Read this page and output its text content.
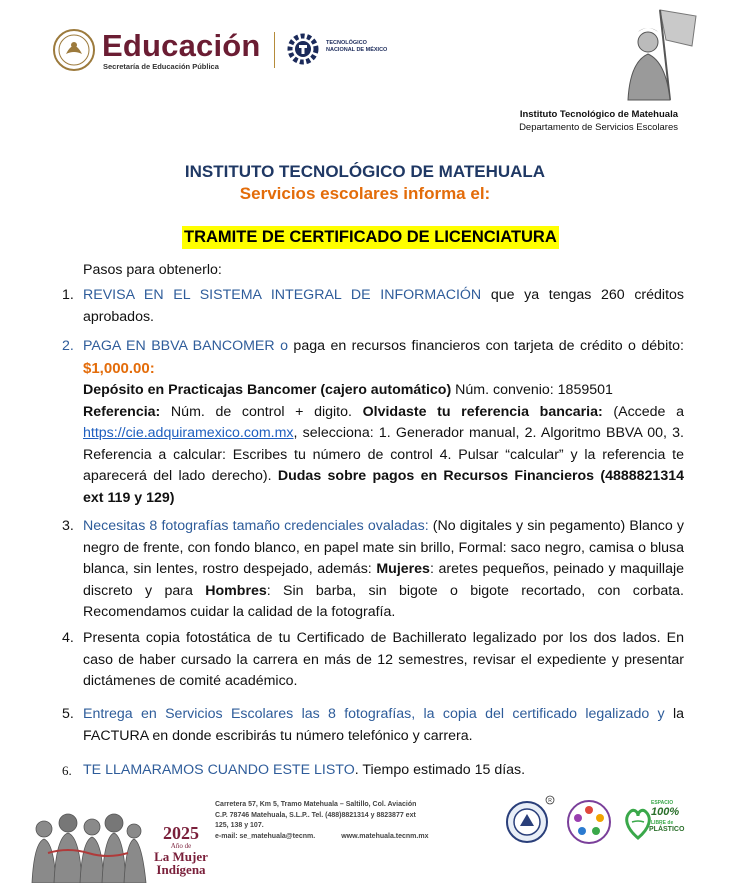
Educación
Secretaría de Educación Pública
TECNOLÓGICO NACIONAL DE MÉXICO
Instituto Tecnológico de Matehuala
Departamento de Servicios Escolares
INSTITUTO TECNOLÓGICO DE MATEHUALA
Servicios escolares informa el:
TRAMITE DE CERTIFICADO DE LICENCIATURA
Pasos para obtenerlo:
1. REVISA EN EL SISTEMA INTEGRAL DE INFORMACIÓN que ya tengas 260 créditos aprobados.
2. PAGA EN BBVA BANCOMER o paga en recursos financieros con tarjeta de crédito o débito: $1,000.00:
Depósito en Practicajas Bancomer (cajero automático) Núm. convenio: 1859501
Referencia: Núm. de control + digito. Olvidaste tu referencia bancaria: (Accede a https://cie.adquiramexico.com.mx, selecciona: 1. Generador manual, 2. Algoritmo BBVA 00, 3. Referencia a calcular: Escribes tu número de control 4. Pulsar “calcular” y la referencia te aparecerá del lado derecho). Dudas sobre pagos en Recursos Financieros (4888821314 ext 119 y 129)
3. Necesitas 8 fotografías tamaño credenciales ovaladas: (No digitales y sin pegamento) Blanco y negro de frente, con fondo blanco, en papel mate sin brillo, Formal: saco negro, camisa o blusa blanca, sin lentes, rostro despejado, además: Mujeres: aretes pequeños, peinado y maquillaje discreto y para Hombres: Sin barba, sin bigote o bigote recortado, con corbata. Recomendamos cuidar la calidad de la fotografía.
4. Presenta copia fotostática de tu Certificado de Bachillerato legalizado por los dos lados. En caso de haber cursado la carrera en más de 12 semestres, revisar el expediente y presentar dictámenes de comité académico.
5. Entrega en Servicios Escolares las 8 fotografías, la copia del certificado legalizado y la FACTURA en donde escribirás tu número telefónico y carrera.
6. TE LLAMARAMOS CUANDO ESTE LISTO. Tiempo estimado 15 días.
2025
Año de
La Mujer
Indígena
Carretera 57, Km 5, Tramo Matehuala – Saltillo, Col. Aviación
C.P. 78746 Matehuala, S.L.P.. Tel. (488)8821314 y 8823877 ext
125, 138 y 107.
e-mail: se_matehuala@tecnm.	www.matehuala.tecnm.mx
R	ESPACIO
100%
LIBRE de
PLÁSTICO
